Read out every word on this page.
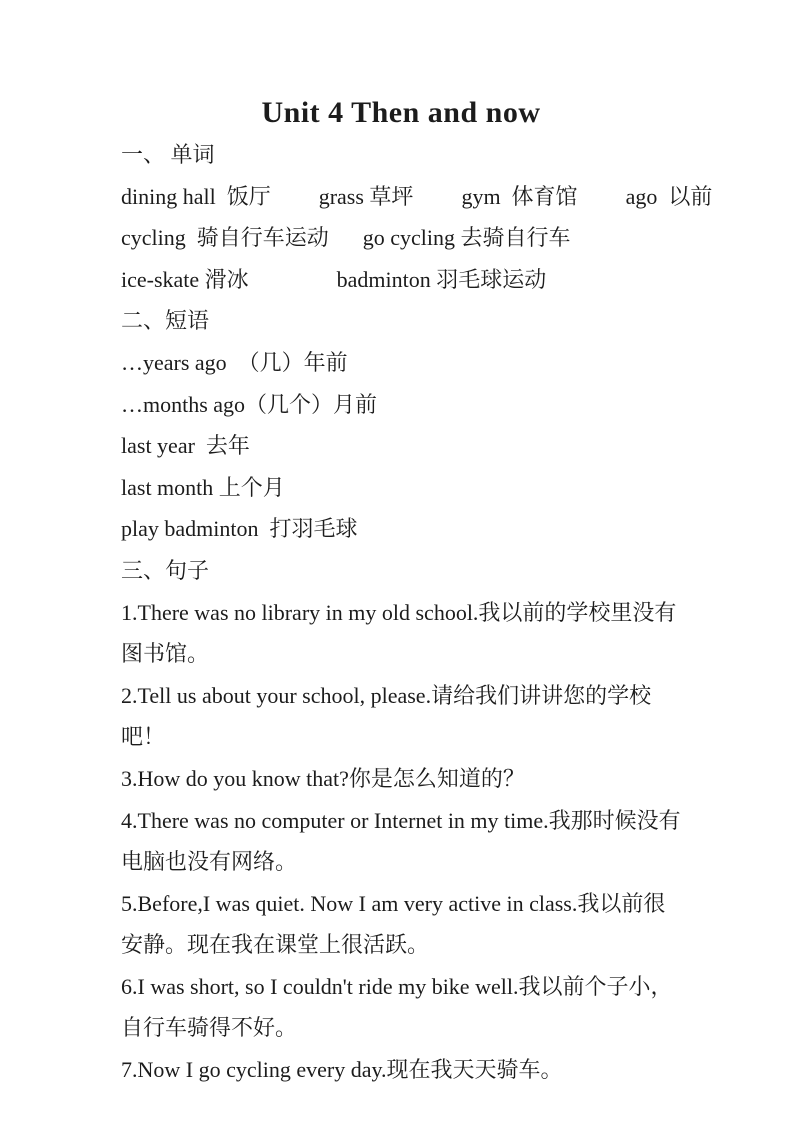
Unit 4 Then and now

一、 单词

dining hall  饭厅 grass 草坪 gym  体育馆 ago  以前
cycling  骑自行车运动 go cycling 去骑自行车
ice-skate 滑冰	badminton 羽毛球运动

二、短语

…years ago  （几）年前

…months ago（几个）月前

last year  去年

last month 上个月

play badminton  打羽毛球

三、句子

1.There was no library in my old school.我以前的学校里没有图书馆。

2.Tell us about your school, please.请给我们讲讲您的学校吧！

3.How do you know that?你是怎么知道的？

4.There was no computer or Internet in my time.我那时候没有电脑也没有网络。

5.Before,I was quiet. Now I am very active in class.我以前很安静。现在我在课堂上很活跃。

6.I was short, so I couldn't ride my bike well.我以前个子小，自行车骑得不好。

7.Now I go cycling every day.现在我天天骑车。
